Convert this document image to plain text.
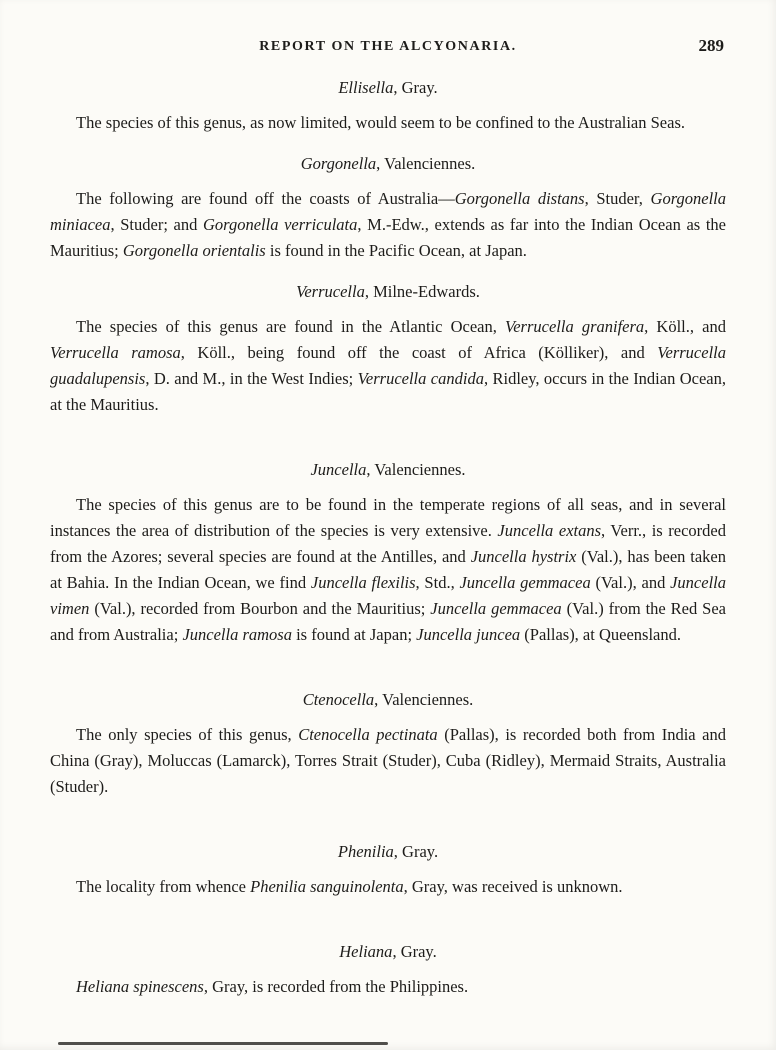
REPORT ON THE ALCYONARIA.	289
Ellisella, Gray.

The species of this genus, as now limited, would seem to be confined to the Australian Seas.

Gorgonella, Valenciennes.

The following are found off the coasts of Australia—Gorgonella distans, Studer, Gorgonella miniacea, Studer; and Gorgonella verriculata, M.-Edw., extends as far into the Indian Ocean as the Mauritius; Gorgonella orientalis is found in the Pacific Ocean, at Japan.

Verrucella, Milne-Edwards.

The species of this genus are found in the Atlantic Ocean, Verrucella granifera, Köll., and Verrucella ramosa, Köll., being found off the coast of Africa (Kölliker), and Verrucella guadalupensis, D. and M., in the West Indies; Verrucella candida, Ridley, occurs in the Indian Ocean, at the Mauritius.

Juncella, Valenciennes.

The species of this genus are to be found in the temperate regions of all seas, and in several instances the area of distribution of the species is very extensive. Juncella extans, Verr., is recorded from the Azores; several species are found at the Antilles, and Juncella hystrix (Val.), has been taken at Bahia. In the Indian Ocean, we find Juncella flexilis, Std., Juncella gemmacea (Val.), and Juncella vimen (Val.), recorded from Bourbon and the Mauritius; Juncella gemmacea (Val.) from the Red Sea and from Australia; Juncella ramosa is found at Japan; Juncella juncea (Pallas), at Queensland.

Ctenocella, Valenciennes.

The only species of this genus, Ctenocella pectinata (Pallas), is recorded both from India and China (Gray), Moluccas (Lamarck), Torres Strait (Studer), Cuba (Ridley), Mermaid Straits, Australia (Studer).

Phenilia, Gray.

The locality from whence Phenilia sanguinolenta, Gray, was received is unknown.

Heliana, Gray.

Heliana spinescens, Gray, is recorded from the Philippines.
